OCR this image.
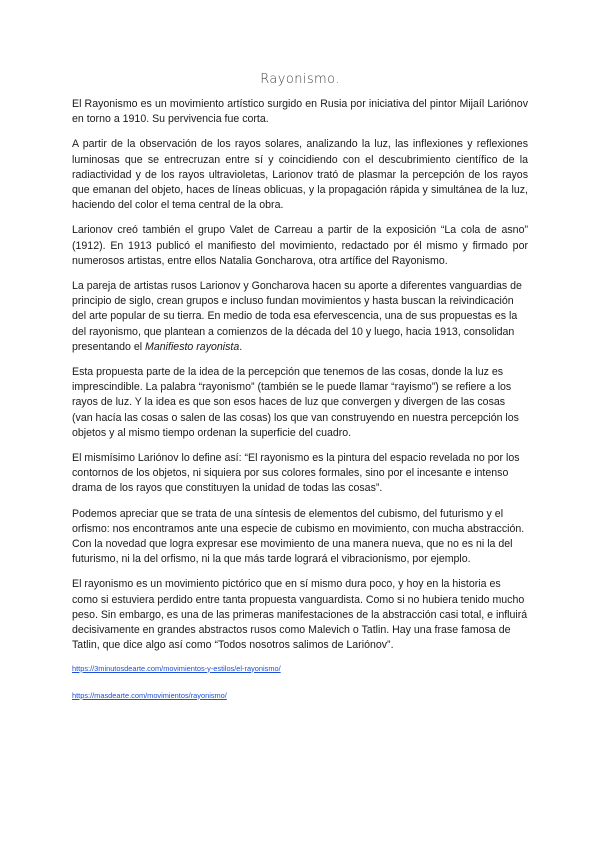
Rayonismo.

El Rayonismo es un movimiento artístico surgido en Rusia por iniciativa del pintor Mijaíl Lariónov en torno a 1910. Su pervivencia fue corta.

A partir de la observación de los rayos solares, analizando la luz, las inflexiones y reflexiones luminosas que se entrecruzan entre sí y coincidiendo con el descubrimiento científico de la radiactividad y de los rayos ultravioletas, Larionov trató de plasmar la percepción de los rayos que emanan del objeto, haces de líneas oblicuas, y la propagación rápida y simultánea de la luz, haciendo del color el tema central de la obra.

Larionov creó también el grupo Valet de Carreau a partir de la exposición “La cola de asno” (1912). En 1913 publicó el manifiesto del movimiento, redactado por él mismo y firmado por numerosos artistas, entre ellos Natalia Goncharova, otra artífice del Rayonismo.

La pareja de artistas rusos Larionov y Goncharova hacen su aporte a diferentes vanguardias de principio de siglo, crean grupos e incluso fundan movimientos y hasta buscan la reivindicación del arte popular de su tierra. En medio de toda esa efervescencia, una de sus propuestas es la del rayonismo, que plantean a comienzos de la década del 10 y luego, hacia 1913, consolidan presentando el Manifiesto rayonista.

Esta propuesta parte de la idea de la percepción que tenemos de las cosas, donde la luz es imprescindible. La palabra “rayonismo” (también se le puede llamar “rayismo”) se refiere a los rayos de luz. Y la idea es que son esos haces de luz que convergen y divergen de las cosas (van hacía las cosas o salen de las cosas) los que van construyendo en nuestra percepción los objetos y al mismo tiempo ordenan la superficie del cuadro.

El mismísimo Lariónov lo define así: “El rayonismo es la pintura del espacio revelada no por los contornos de los objetos, ni siquiera por sus colores formales, sino por el incesante e intenso drama de los rayos que constituyen la unidad de todas las cosas”.

Podemos apreciar que se trata de una síntesis de elementos del cubismo, del futurismo y el orfismo: nos encontramos ante una especie de cubismo en movimiento, con mucha abstracción. Con la novedad que logra expresar ese movimiento de una manera nueva, que no es ni la del futurismo, ni la del orfismo, ni la que más tarde logrará el vibracionismo, por ejemplo.

El rayonismo es un movimiento pictórico que en sí mismo dura poco, y hoy en la historia es como si estuviera perdido entre tanta propuesta vanguardista. Como si no hubiera tenido mucho peso. Sin embargo, es una de las primeras manifestaciones de la abstracción casi total, e influirá decisivamente en grandes abstractos rusos como Malevich o Tatlin. Hay una frase famosa de Tatlin, que dice algo así como “Todos nosotros salimos de Lariónov”.

https://3minutosdearte.com/movimientos-y-estilos/el-rayonismo/
https://masdearte.com/movimientos/rayonismo/
